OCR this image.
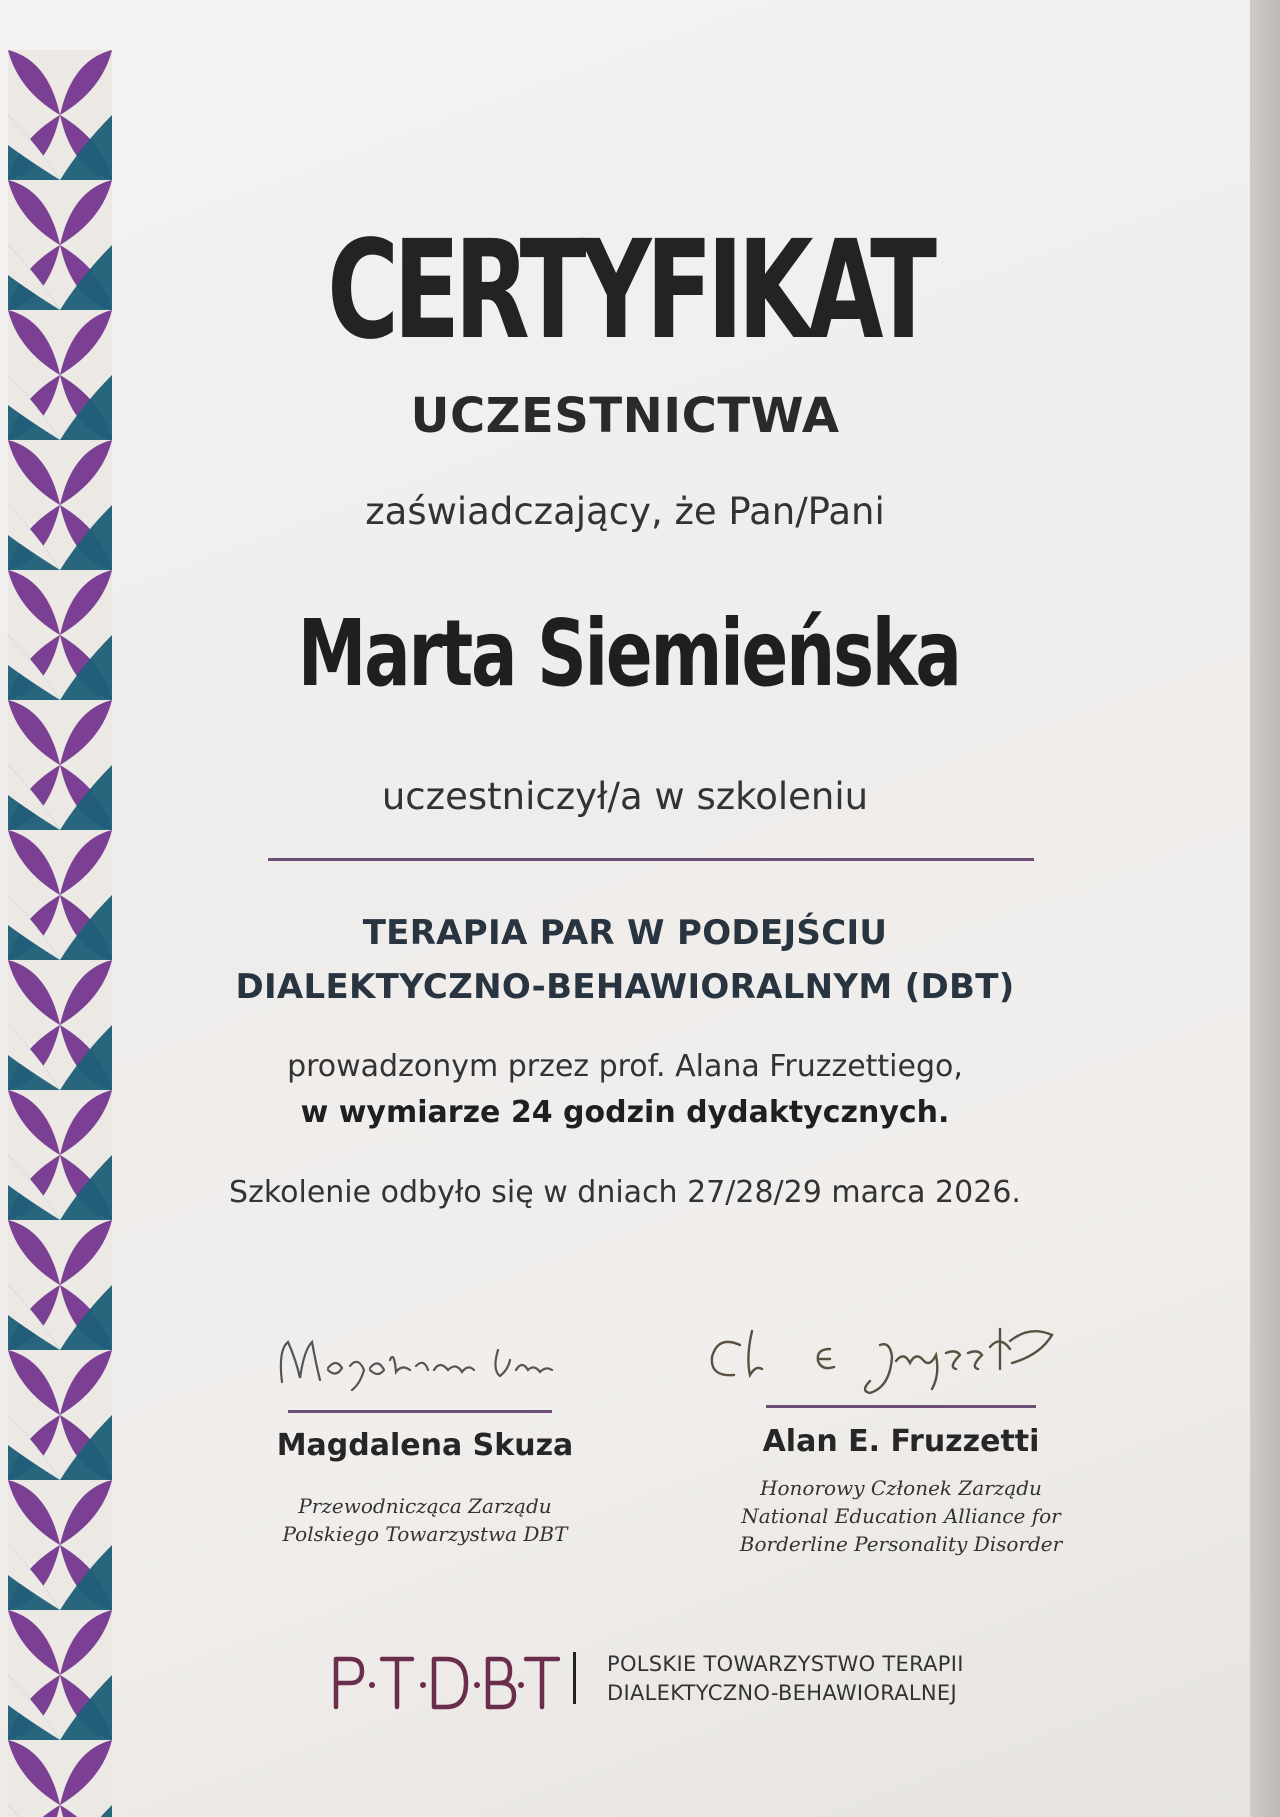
CERTYFIKAT
UCZESTNICTWA
zaświadczający, że Pan/Pani
Marta Siemieńska
uczestniczył/a w szkoleniu
TERAPIA PAR W PODEJŚCIU
DIALEKTYCZNO-BEHAWIORALNYM (DBT)
prowadzonym przez prof. Alana Fruzzettiego,
w wymiarze 24 godzin dydaktycznych.
Szkolenie odbyło się w dniach 27/28/29 marca 2026.
Magdalena Skuza
Przewodnicząca Zarządu
Polskiego Towarzystwa DBT
Alan E. Fruzzetti
Honorowy Członek Zarządu
National Education Alliance for
Borderline Personality Disorder
POLSKIE TOWARZYSTWO TERAPII
DIALEKTYCZNO-BEHAWIORALNEJ
